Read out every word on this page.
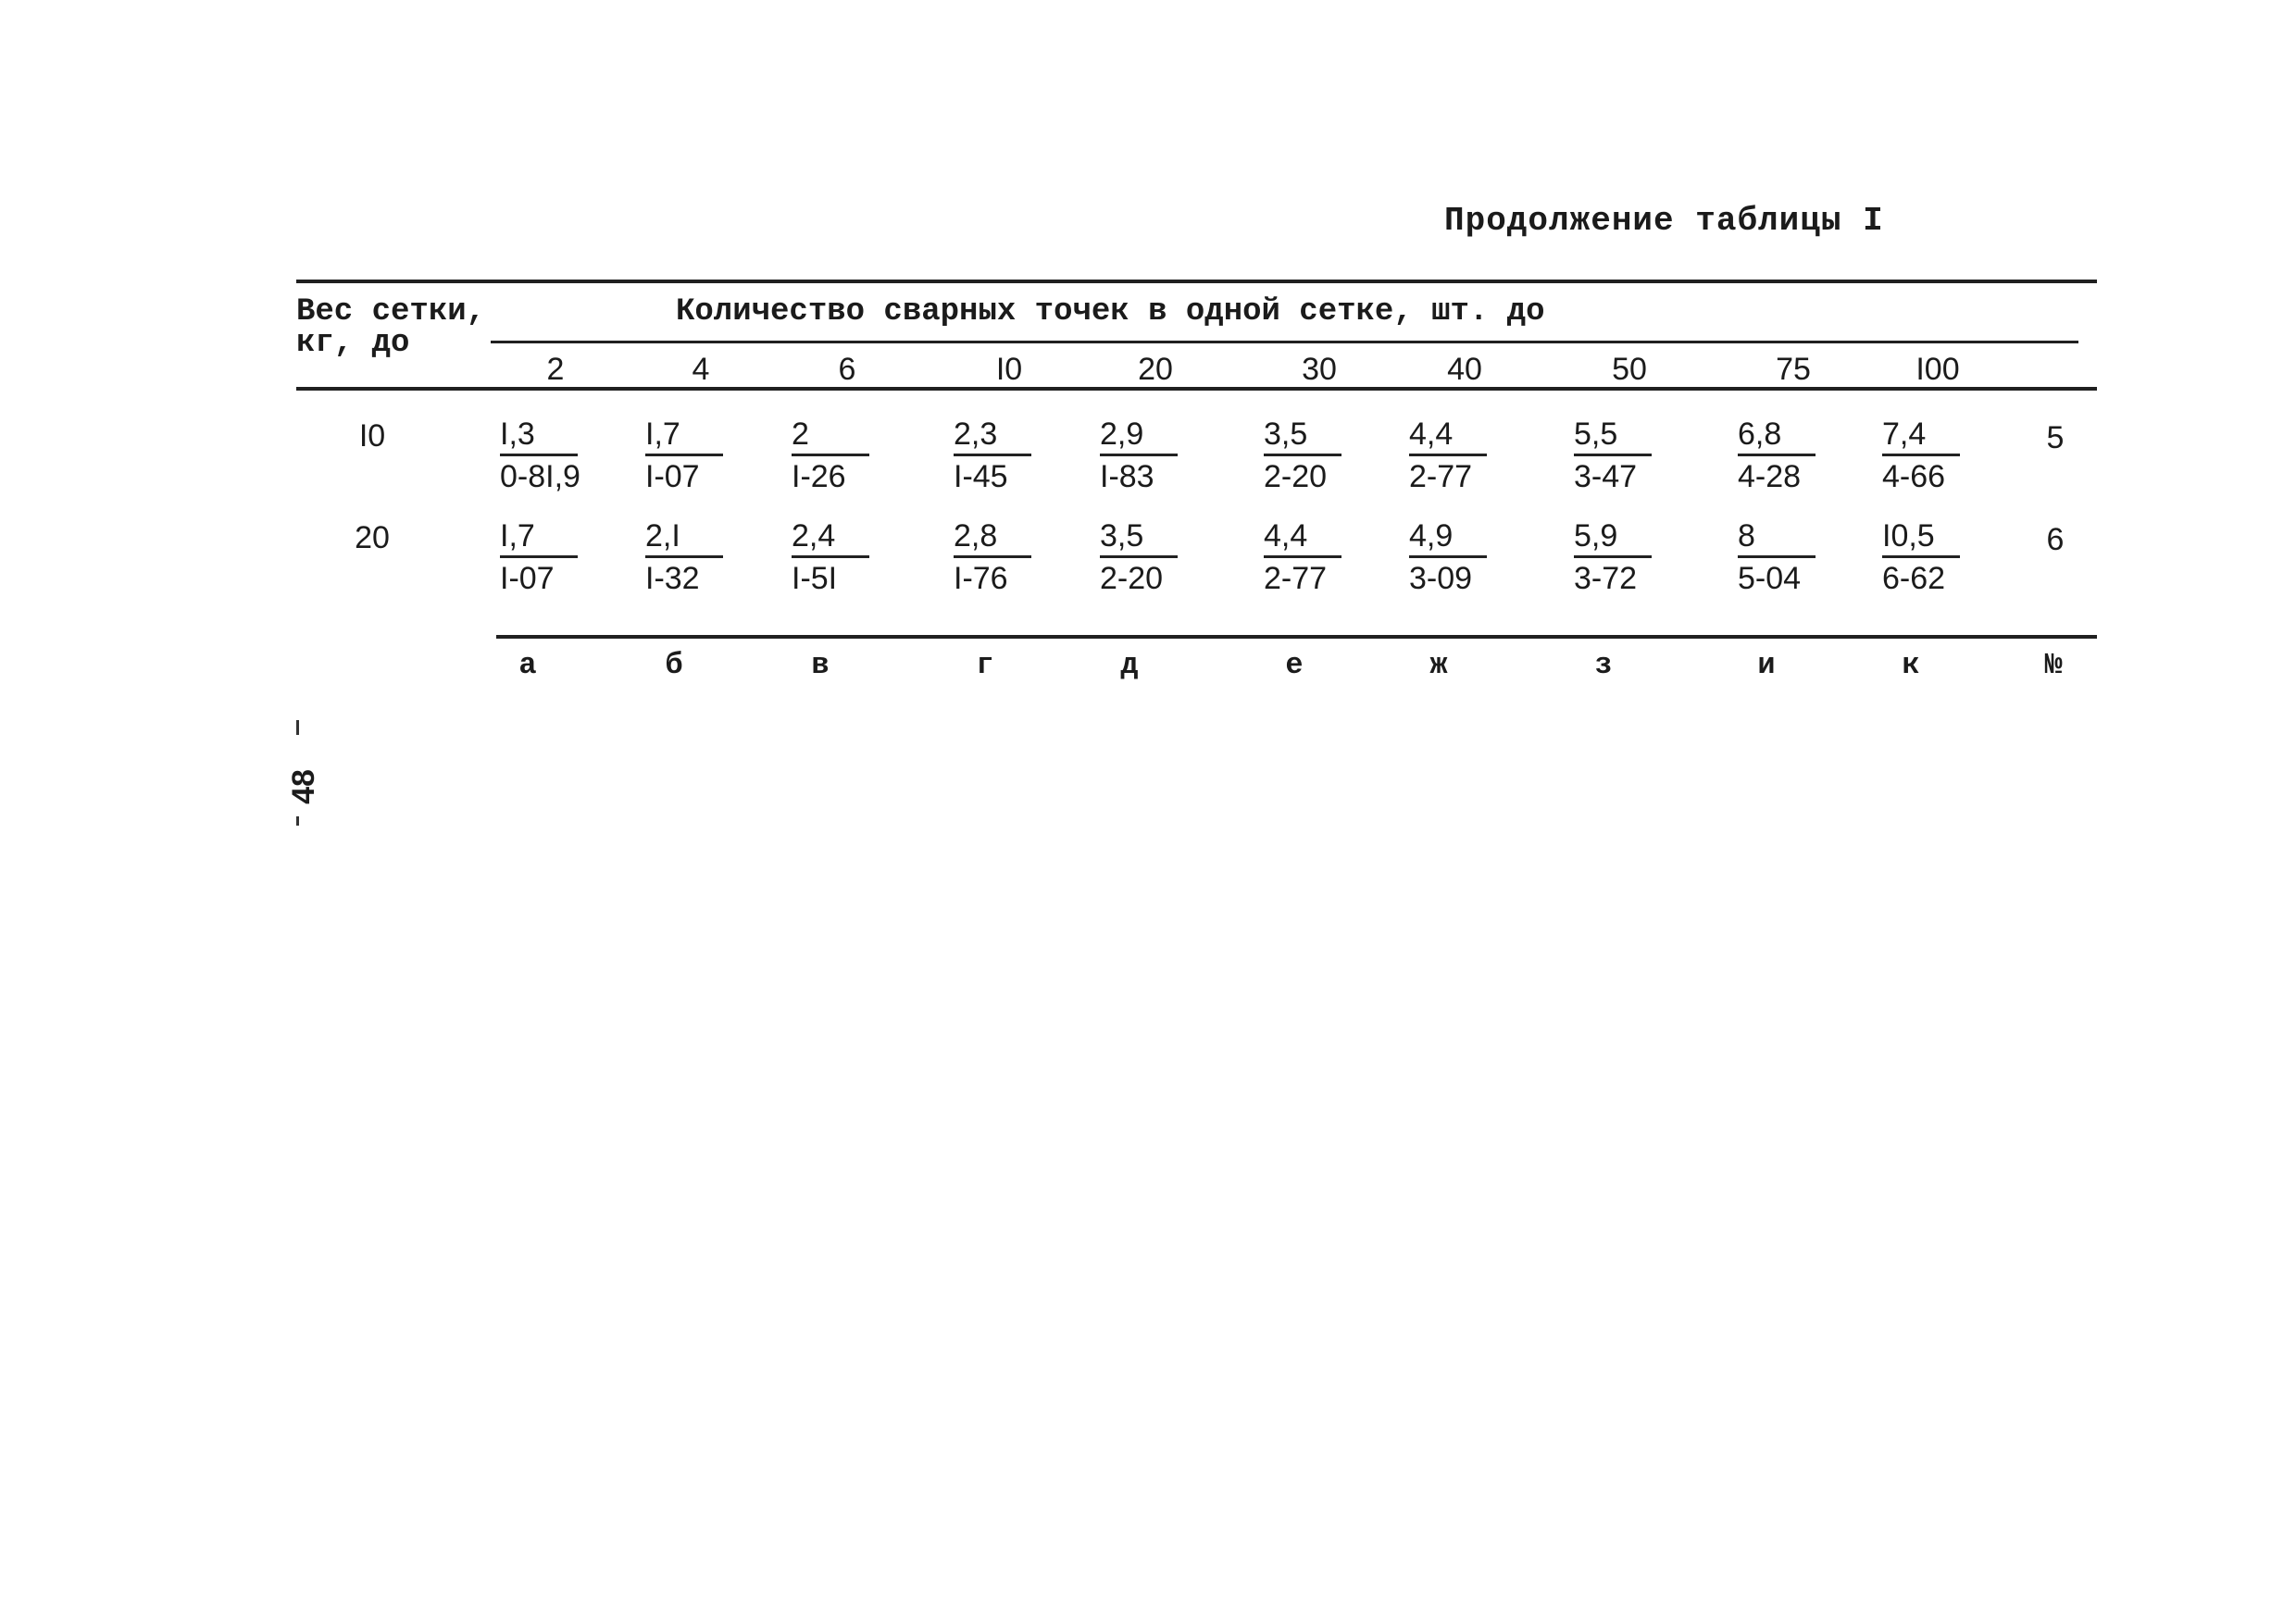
Продолжение таблицы I
Вес сетки,
кг, до
Количество сварных точек в одной сетке, шт. до
2	4	6	I0	20	30	40	50	75	I00
I0	$\frac{I,3}{0-8I,9} \frac{I,7}{I-07} \frac{2}{I-26} \frac{2,3}{I-45} \frac{2,9}{I-83} \frac{3,5}{2-20} \frac{4,4}{2-77} \frac{5,5}{3-47} \frac{6,8}{4-28} \frac{7,4}{4-66}$	5
20	$\frac{I,7}{I-07} \frac{2,I}{I-32} \frac{2,4}{I-5I} \frac{2,8}{I-76} \frac{3,5}{2-20} \frac{4,4}{2-77} \frac{4,9}{3-09} \frac{5,9}{3-72} \frac{8}{5-04} \frac{I0,5}{6-62}$	6
а	б	в	г	д	е	ж	з	и	к	№
48
